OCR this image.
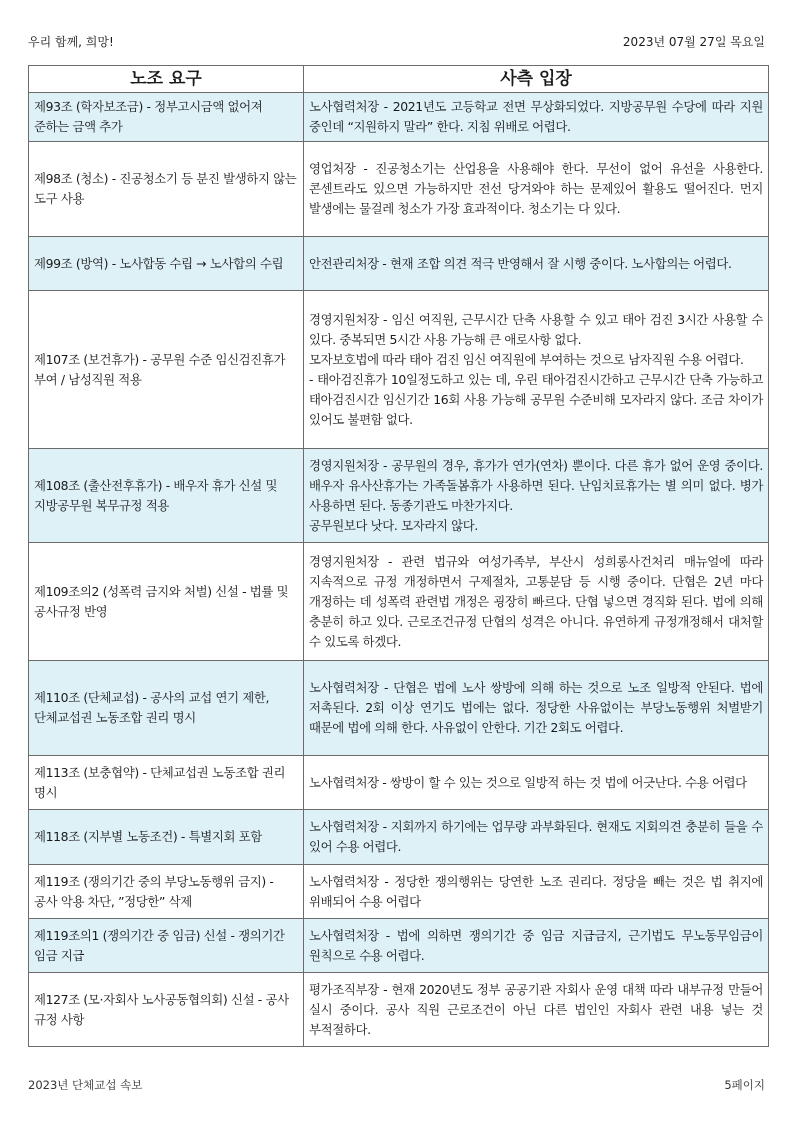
우리 함께, 희망!	2023년 07월 27일 목요일
노조 요구	사측 입장
제93조 (학자보조금) - 정부고시금액 없어져 준하는 금액 추가	노사협력처장 - 2021년도 고등학교 전면 무상화되었다. 지방공무원 수당에 따라 지원 중인데 “지원하지 말라” 한다. 지침 위배로 어렵다.
제98조 (청소) - 진공청소기 등 분진 발생하지 않는 도구 사용	영업처장 - 진공청소기는 산업용을 사용해야 한다. 무선이 없어 유선을 사용한다. 콘센트라도 있으면 가능하지만 전선 당겨와야 하는 문제있어 활용도 떨어진다. 먼지 발생에는 물걸레 청소가 가장 효과적이다. 청소기는 다 있다.
제99조 (방역) - 노사합동 수립 → 노사합의 수립	안전관리처장 - 현재 조합 의견 적극 반영해서 잘 시행 중이다. 노사합의는 어렵다.
제107조 (보건휴가) - 공무원 수준 임신검진휴가 부여 / 남성직원 적용	경영지원처장 - 임신 여직원, 근무시간 단축 사용할 수 있고 태아 검진 3시간 사용할 수 있다. 중복되면 5시간 사용 가능해 큰 애로사항 없다.
모자보호법에 따라 태아 검진 임신 여직원에 부여하는 것으로 남자직원 수용 어렵다.
- 태아검진휴가 10일정도하고 있는 데, 우린 태아검진시간하고 근무시간 단축 가능하고 태아검진시간 임신기간 16회 사용 가능해 공무원 수준비해 모자라지 않다. 조금 차이가 있어도 불편함 없다.
제108조 (출산전후휴가) - 배우자 휴가 신설 및 지방공무원 복무규정 적용	경영지원처장 - 공무원의 경우, 휴가가 연가(연차) 뿐이다. 다른 휴가 없어 운영 중이다. 배우자 유사산휴가는 가족돌봄휴가 사용하면 된다. 난임치료휴가는 별 의미 없다. 병가 사용하면 된다. 동종기관도 마찬가지다.
공무원보다 낫다. 모자라지 않다.
제109조의2 (성폭력 금지와 처벌) 신설 - 법률 및 공사규정 반영	경영지원처장 - 관련 법규와 여성가족부, 부산시 성희롱사건처리 매뉴얼에 따라 지속적으로 규정 개정하면서 구제절차, 고통분담 등 시행 중이다. 단협은 2년 마다 개정하는 데 성폭력 관련법 개정은 굉장히 빠르다. 단협 넣으면 경직화 된다. 법에 의해 충분히 하고 있다. 근로조건규정 단협의 성격은 아니다. 유연하게 규정개정해서 대처할 수 있도록 하겠다.
제110조 (단체교섭) - 공사의 교섭 연기 제한, 단체교섭권 노동조합 권리 명시	노사협력처장 - 단협은 법에 노사 쌍방에 의해 하는 것으로 노조 일방적 안된다. 법에 저촉된다. 2회 이상 연기도 법에는 없다. 정당한 사유없이는 부당노동행위 처벌받기 때문에 법에 의해 한다. 사유없이 안한다. 기간 2회도 어렵다.
제113조 (보충협약) - 단체교섭권 노동조합 권리 명시	노사협력처장 - 쌍방이 할 수 있는 것으로 일방적 하는 것 법에 어긋난다. 수용 어렵다
제118조 (지부별 노동조건) - 특별지회 포함	노사협력처장 - 지회까지 하기에는 업무량 과부화된다. 현재도 지회의견 충분히 들을 수 있어 수용 어렵다.
제119조 (쟁의기간 중의 부당노동행위 금지) - 공사 악용 차단, ”정당한” 삭제	노사협력처장 - 정당한 쟁의행위는 당연한 노조 권리다. 정당을 빼는 것은 법 취지에 위배되어 수용 어렵다
제119조의1 (쟁의기간 중 임금) 신설 - 쟁의기간 임금 지급	노사협력처장 - 법에 의하면 쟁의기간 중 임금 지급금지, 근기법도 무노동무임금이 원칙으로 수용 어렵다.
제127조 (모·자회사 노사공동협의회) 신설 - 공사 규정 사항	평가조직부장 - 현재 2020년도 정부 공공기관 자회사 운영 대책 따라 내부규정 만들어 실시 중이다. 공사 직원 근로조건이 아닌 다른 법인인 자회사 관련 내용 넣는 것 부적절하다.
2023년 단체교섭 속보	5페이지
